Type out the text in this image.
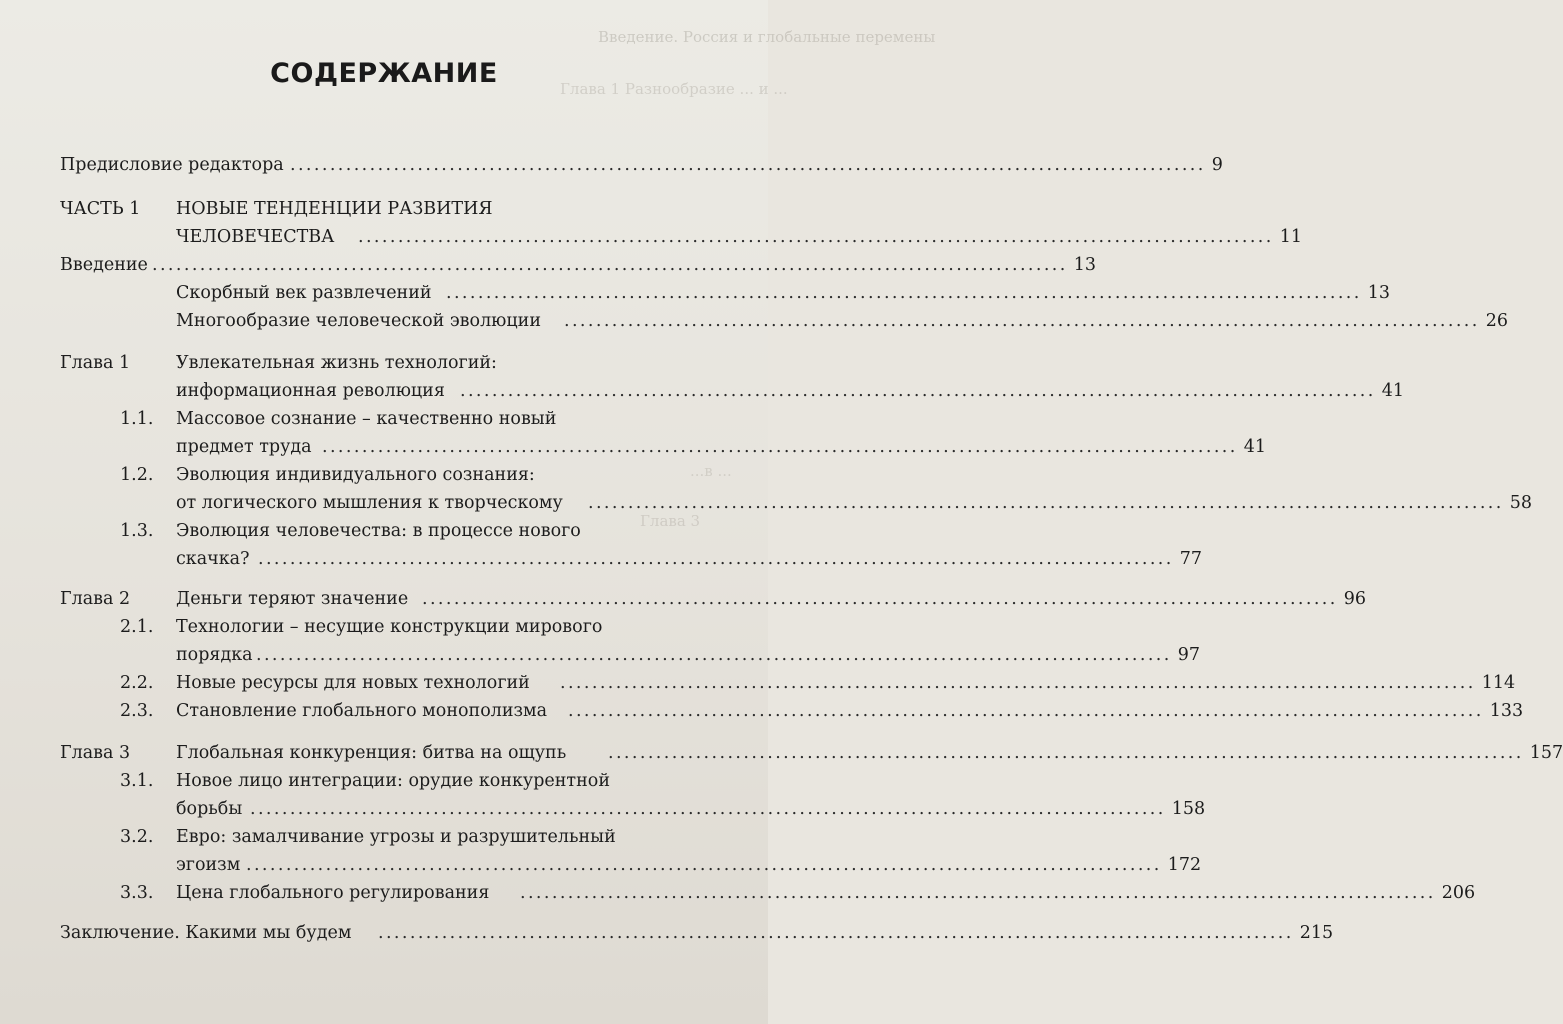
Введение. Россия и глобальные перемены
Глава 1 Разнообразие ... и ...
Глава 3
...в ...
СОДЕРЖАНИЕ
Предисловие редактора ................................................................................................................... 9
ЧАСТЬ 1	НОВЫЕ ТЕНДЕНЦИИ РАЗВИТИЯ
ЧЕЛОВЕЧЕСТВА ................................................................................................................... 11
Введение ................................................................................................................... 13
Скорбный век развлечений ................................................................................................................... 13
Многообразие человеческой эволюции ................................................................................................................... 26
Глава 1	Увлекательная жизнь технологий:
информационная революция ................................................................................................................... 41
1.1.	Массовое сознание – качественно новый
предмет труда ................................................................................................................... 41
1.2.	Эволюция индивидуального сознания:
от логического мышления к творческому ................................................................................................................... 58
1.3.	Эволюция человечества: в процессе нового
скачка? ................................................................................................................... 77
Глава 2	Деньги теряют значение ................................................................................................................... 96
2.1.	Технологии – несущие конструкции мирового
порядка ................................................................................................................... 97
2.2.	Новые ресурсы для новых технологий ................................................................................................................... 114
2.3.	Становление глобального монополизма ................................................................................................................... 133
Глава 3	Глобальная конкуренция: битва на ощупь ................................................................................................................... 157
3.1.	Новое лицо интеграции: орудие конкурентной
борьбы ................................................................................................................... 158
3.2.	Евро: замалчивание угрозы и разрушительный
эгоизм ................................................................................................................... 172
3.3.	Цена глобального регулирования ................................................................................................................... 206
Заключение. Какими мы будем ................................................................................................................... 215
